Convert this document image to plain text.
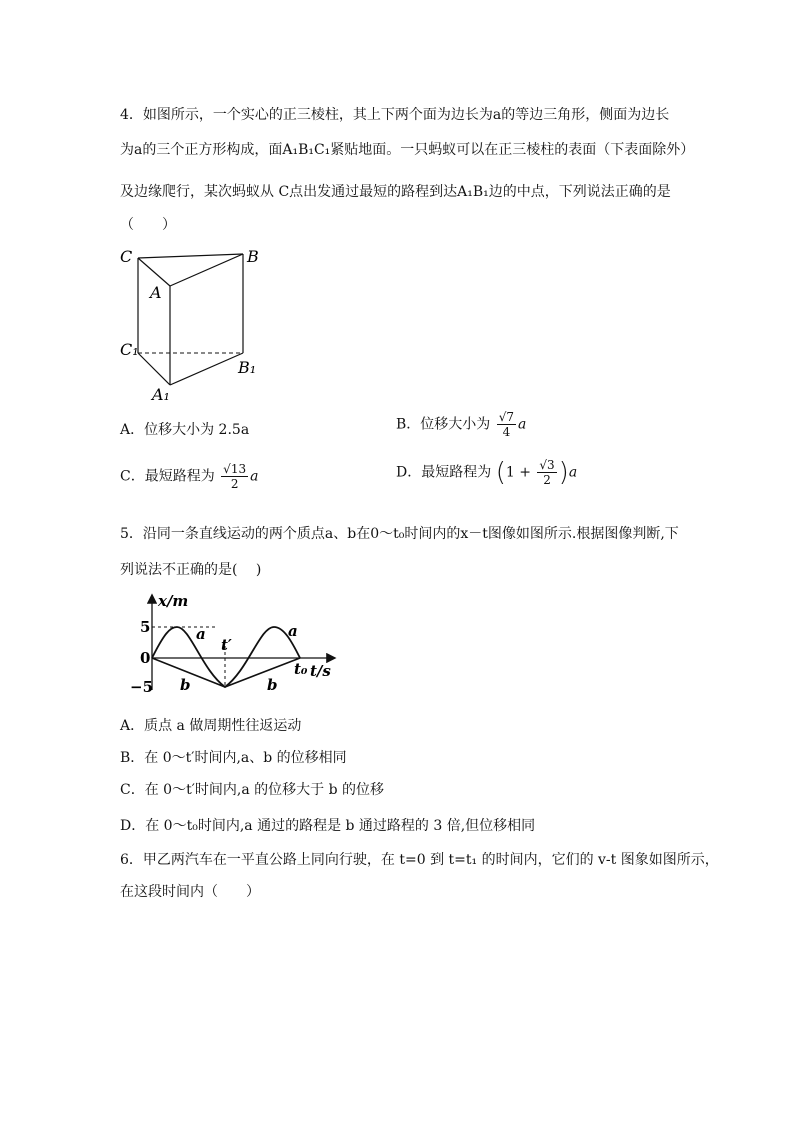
4．如图所示，一个实心的正三棱柱，其上下两个面为边长为a的等边三角形，侧面为边长
为a的三个正方形构成，面A₁B₁C₁紧贴地面。一只蚂蚁可以在正三棱柱的表面（下表面除外）
及边缘爬行，某次蚂蚁从 C点出发通过最短的路程到达A₁B₁边的中点，下列说法正确的是
（　　）
C	B
A
C₁
B₁
A₁
A．位移大小为 2.5a	B．位移大小为 $\frac{√7}{4}$ a
C．最短路程为 $\frac{√13}{2}$ a	D．最短路程为 $(1 + \frac{√3}{2} )a$
5．沿同一条直线运动的两个质点a、b在0～t₀时间内的x－t图像如图所示.根据图像判断,下
列说法不正确的是(　 )
x/m
t/s
5
0
−5
t′
t₀
a	a
b	b
A．质点 a 做周期性往返运动
B．在 0～t′时间内,a、b 的位移相同
C．在 0～t′时间内,a 的位移大于 b 的位移
D．在 0～t₀时间内,a 通过的路程是 b 通过路程的 3 倍,但位移相同
6．甲乙两汽车在一平直公路上同向行驶，在 t=0 到 t=t₁ 的时间内，它们的 v-t 图象如图所示，
在这段时间内（　　）
